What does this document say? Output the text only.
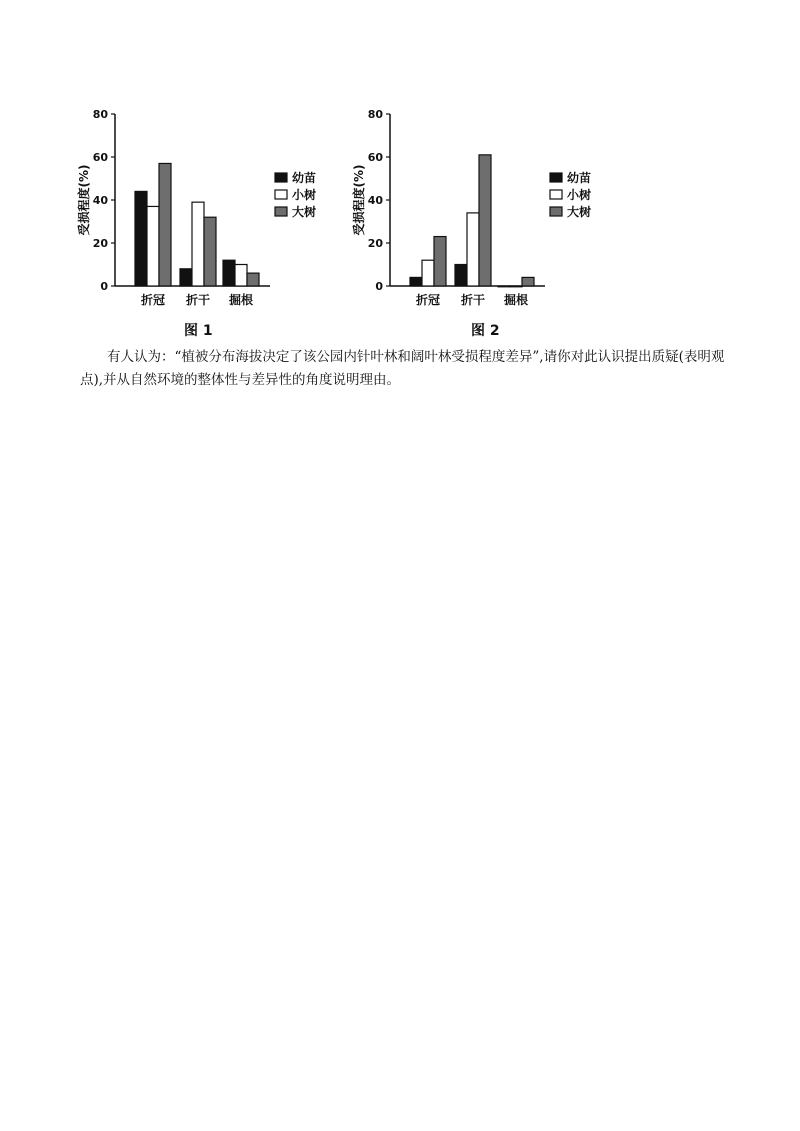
0
20
40
60
80
受损程度(%)
折冠 折干 掘根
幼苗
小树
大树
图 1
0
20
40
60
80
受损程度(%)
折冠 折干 掘根
幼苗
小树
大树
图 2

有人认为：“植被分布海拔决定了该公园内针叶林和阔叶林受损程度差异”,请你对此认识提出质疑(表明观点),并从自然环境的整体性与差异性的角度说明理由。
